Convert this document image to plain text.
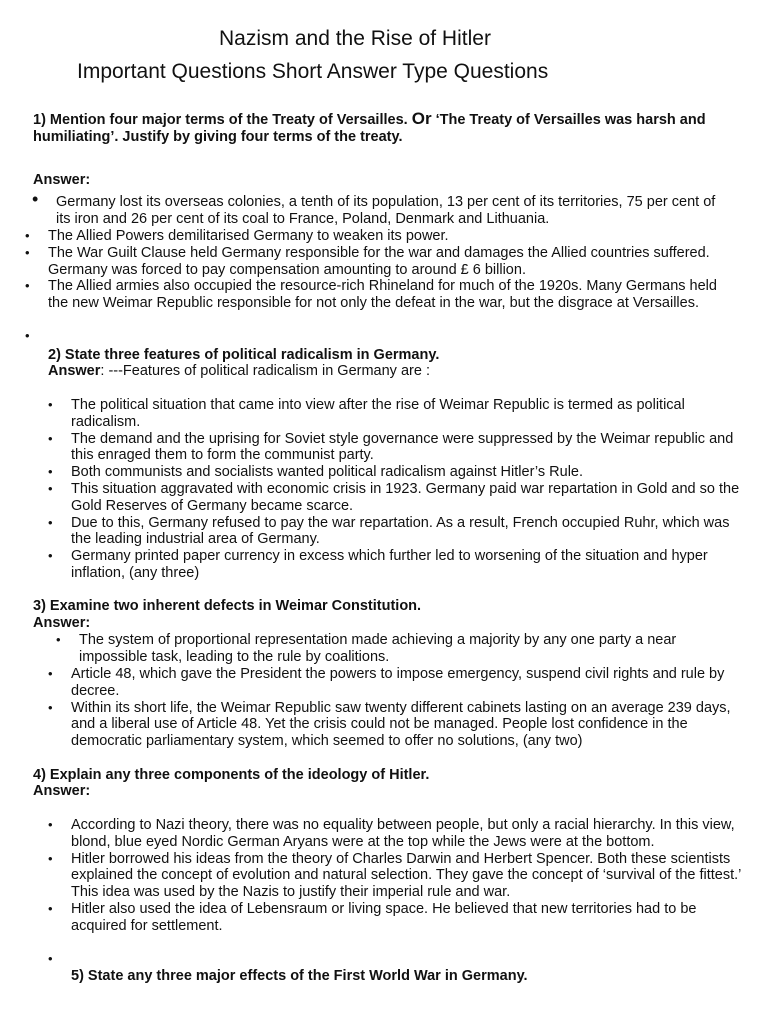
Nazism and the Rise of Hitler
Important Questions Short Answer Type Questions

1) Mention four major terms of the Treaty of Versailles. Or ‘The Treaty of Versailles was harsh and humiliating’. Justify by giving four terms of the treaty.

Answer:

• Germany lost its overseas colonies, a tenth of its population, 13 per cent of its territories, 75 per cent of its iron and 26 per cent of its coal to France, Poland, Denmark and Lithuania.
• The Allied Powers demilitarised Germany to weaken its power.
• The War Guilt Clause held Germany responsible for the war and damages the Allied countries suffered. Germany was forced to pay compensation amounting to around £ 6 billion.
• The Allied armies also occupied the resource-rich Rhineland for much of the 1920s. Many Germans held the new Weimar Republic responsible for not only the defeat in the war, but the disgrace at Versailles.
•

2) State three features of political radicalism in Germany.

Answer: ---Features of political radicalism in Germany are :

• The political situation that came into view after the rise of Weimar Republic is termed as political radicalism.
• The demand and the uprising for Soviet style governance were suppressed by the Weimar republic and this enraged them to form the communist party.
• Both communists and socialists wanted political radicalism against Hitler’s Rule.
• This situation aggravated with economic crisis in 1923. Germany paid war repartation in Gold and so the Gold Reserves of Germany became scarce.
• Due to this, Germany refused to pay the war repartation. As a result, French occupied Ruhr, which was the leading industrial area of Germany.
• Germany printed paper currency in excess which further led to worsening of the situation and hyper inflation, (any three)

3) Examine two inherent defects in Weimar Constitution.

Answer:

• The system of proportional representation made achieving a majority by any one party a near impossible task, leading to the rule by coalitions.
• Article 48, which gave the President the powers to impose emergency, suspend civil rights and rule by decree.
• Within its short life, the Weimar Republic saw twenty different cabinets lasting on an average 239 days, and a liberal use of Article 48. Yet the crisis could not be managed. People lost confidence in the democratic parliamentary system, which seemed to offer no solutions, (any two)

4) Explain any three components of the ideology of Hitler.

Answer:

• According to Nazi theory, there was no equality between people, but only a racial hierarchy. In this view, blond, blue eyed Nordic German Aryans were at the top while the Jews were at the bottom.
• Hitler borrowed his ideas from the theory of Charles Darwin and Herbert Spencer. Both these scientists explained the concept of evolution and natural selection. They gave the concept of ‘survival of the fittest.’ This idea was used by the Nazis to justify their imperial rule and war.
• Hitler also used the idea of Lebensraum or living space. He believed that new territories had to be acquired for settlement.
•

5) State any three major effects of the First World War in Germany.
